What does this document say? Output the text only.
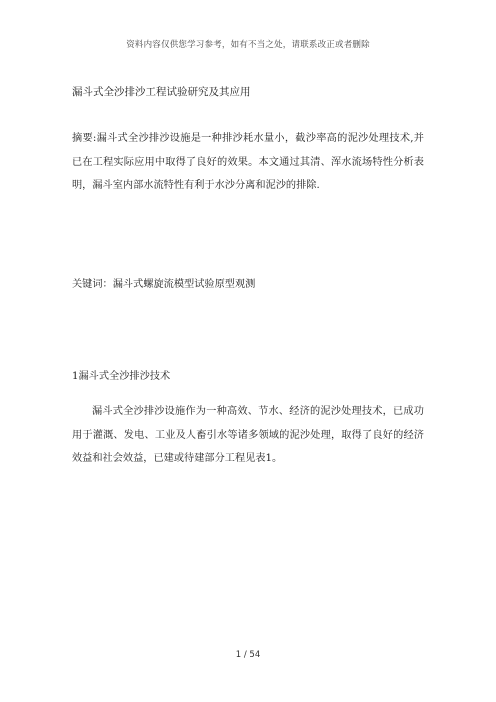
资料内容仅供您学习参考，如有不当之处，请联系改正或者删除
漏斗式全沙排沙工程试验研究及其应用
摘要:漏斗式全沙排沙设施是一种排沙耗水量小，截沙率高的泥沙处理技术,并已在工程实际应用中取得了良好的效果。本文通过其清、浑水流场特性分析表明，漏斗室内部水流特性有利于水沙分离和泥沙的排除.
关键词：漏斗式螺旋流模型试验原型观测
1漏斗式全沙排沙技术
漏斗式全沙排沙设施作为一种高效、节水、经济的泥沙处理技术，已成功用于灌溉、发电、工业及人畜引水等诸多领域的泥沙处理，取得了良好的经济效益和社会效益，已建或待建部分工程见表1。
1 / 54
